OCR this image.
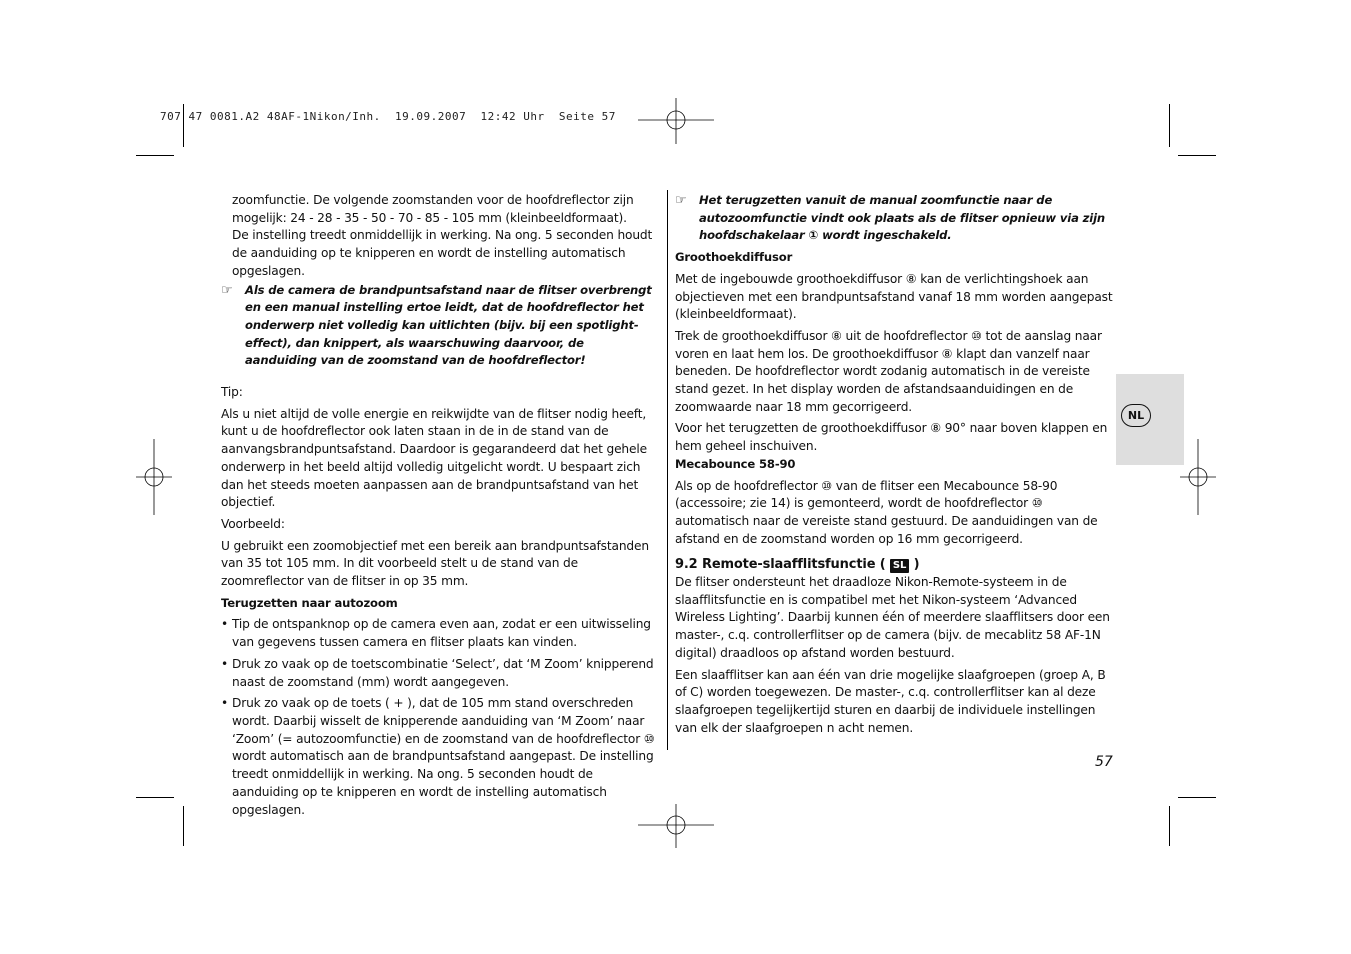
707 47 0081.A2 48AF-1Nikon/Inh.  19.09.2007  12:42 Uhr  Seite 57

zoomfunctie. De volgende zoomstanden voor de hoofdreflector zijn mogelijk: 24 - 28 - 35 - 50 - 70 - 85 - 105 mm (kleinbeeldformaat).

De instelling treedt onmiddellijk in werking. Na ong. 5 seconden houdt de aanduiding op te knipperen en wordt de instelling automatisch opgeslagen.

☞	Als de camera de brandpuntsafstand naar de flitser overbrengt en een manual instelling ertoe leidt, dat de hoofdreflector het onderwerp niet volledig kan uitlichten (bijv. bij een spotlight-effect), dan knippert, als waarschuwing daarvoor, de aanduiding van de zoomstand van de hoofdreflector!

Tip:

Als u niet altijd de volle energie en reikwijdte van de flitser nodig heeft, kunt u de hoofdreflector ook laten staan in de in de stand van de aanvangsbrandpuntsafstand. Daardoor is gegarandeerd dat het gehele onderwerp in het beeld altijd volledig uitgelicht wordt. U bespaart zich dan het steeds moeten aanpassen aan de brandpuntsafstand van het objectief.

Voorbeeld:

U gebruikt een zoomobjectief met een bereik aan brandpuntsafstanden van 35 tot 105 mm. In dit voorbeeld stelt u de stand van de zoomreflector van de flitser in op 35 mm.

Terugzetten naar autozoom

• Tip de ontspanknop op de camera even aan, zodat er een uitwisseling van gegevens tussen camera en flitser plaats kan vinden.
• Druk zo vaak op de toetscombinatie ‘Select’, dat ‘M Zoom’ knipperend naast de zoomstand (mm) wordt aangegeven.
• Druk zo vaak op de toets ( + ), dat de 105 mm stand overschreden wordt. Daarbij wisselt de knipperende aanduiding van ‘M Zoom’ naar ‘Zoom’ (= autozoomfunctie) en de zoomstand van de hoofdreflector ⑩ wordt automatisch aan de brandpuntsafstand aangepast. De instelling treedt onmiddellijk in werking. Na ong. 5 seconden houdt de aanduiding op te knipperen en wordt de instelling automatisch opgeslagen.
☞	Het terugzetten vanuit de manual zoomfunctie naar de autozoomfunctie vindt ook plaats als de flitser opnieuw via zijn hoofdschakelaar ① wordt ingeschakeld.

Groothoekdiffusor

Met de ingebouwde groothoekdiffusor ⑧ kan de verlichtingshoek aan objectieven met een brandpuntsafstand vanaf 18 mm worden aangepast (kleinbeeldformaat).

Trek de groothoekdiffusor ⑧ uit de hoofdreflector ⑩ tot de aanslag naar voren en laat hem los. De groothoekdiffusor ⑧ klapt dan vanzelf naar beneden. De hoofdreflector wordt zodanig automatisch in de vereiste stand gezet. In het display worden de afstandsaanduidingen en de zoomwaarde naar 18 mm gecorrigeerd.

Voor het terugzetten de groothoekdiffusor ⑧ 90° naar boven klappen en hem geheel inschuiven.

Mecabounce 58-90

Als op de hoofdreflector ⑩ van de flitser een Mecabounce 58-90 (accessoire; zie 14) is gemonteerd, wordt de hoofdreflector ⑩ automatisch naar de vereiste stand gestuurd. De aanduidingen van de afstand en de zoomstand worden op 16 mm gecorrigeerd.

9.2 Remote-slaafflitsfunctie ( SL )

De flitser ondersteunt het draadloze Nikon-Remote-systeem in de slaafflitsfunctie en is compatibel met het Nikon-systeem ‘Advanced Wireless Lighting’. Daarbij kunnen één of meerdere slaafflitsers door een master-, c.q. controllerflitser op de camera (bijv. de mecablitz 58 AF-1N digital) draadloos op afstand worden bestuurd.

Een slaafflitser kan aan één van drie mogelijke slaafgroepen (groep A, B of C) worden toegewezen. De master-, c.q. controllerflitser kan al deze slaafgroepen tegelijkertijd sturen en daarbij de individuele instellingen van elk der slaafgroepen n acht nemen.

NL
57
